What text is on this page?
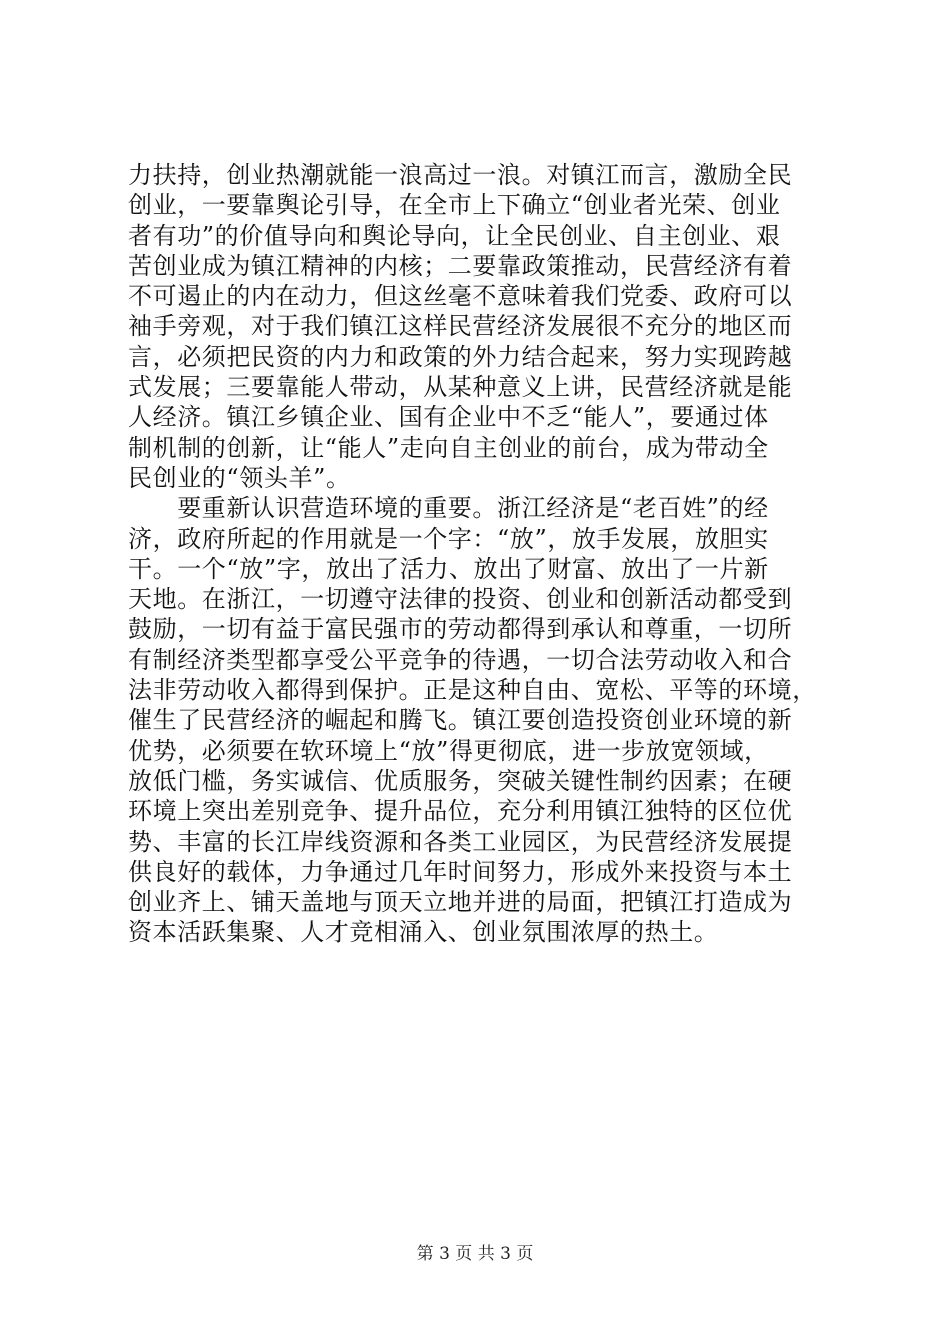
力扶持，创业热潮就能一浪高过一浪。对镇江而言，激励全民
创业，一要靠舆论引导，在全市上下确立“创业者光荣、创业
者有功”的价值导向和舆论导向，让全民创业、自主创业、艰
苦创业成为镇江精神的内核；二要靠政策推动，民营经济有着
不可遏止的内在动力，但这丝毫不意味着我们党委、政府可以
袖手旁观，对于我们镇江这样民营经济发展很不充分的地区而
言，必须把民资的内力和政策的外力结合起来，努力实现跨越
式发展；三要靠能人带动，从某种意义上讲，民营经济就是能
人经济。镇江乡镇企业、国有企业中不乏“能人”，要通过体
制机制的创新，让“能人”走向自主创业的前台，成为带动全
民创业的“领头羊”。
　　要重新认识营造环境的重要。浙江经济是“老百姓”的经
济，政府所起的作用就是一个字：“放”，放手发展，放胆实
干。一个“放”字，放出了活力、放出了财富、放出了一片新
天地。在浙江，一切遵守法律的投资、创业和创新活动都受到
鼓励，一切有益于富民强市的劳动都得到承认和尊重，一切所
有制经济类型都享受公平竞争的待遇，一切合法劳动收入和合
法非劳动收入都得到保护。正是这种自由、宽松、平等的环境，
催生了民营经济的崛起和腾飞。镇江要创造投资创业环境的新
优势，必须要在软环境上“放”得更彻底，进一步放宽领域，
放低门槛，务实诚信、优质服务，突破关键性制约因素；在硬
环境上突出差别竞争、提升品位，充分利用镇江独特的区位优
势、丰富的长江岸线资源和各类工业园区，为民营经济发展提
供良好的载体，力争通过几年时间努力，形成外来投资与本土
创业齐上、铺天盖地与顶天立地并进的局面，把镇江打造成为
资本活跃集聚、人才竞相涌入、创业氛围浓厚的热土。
第 3 页 共 3 页
